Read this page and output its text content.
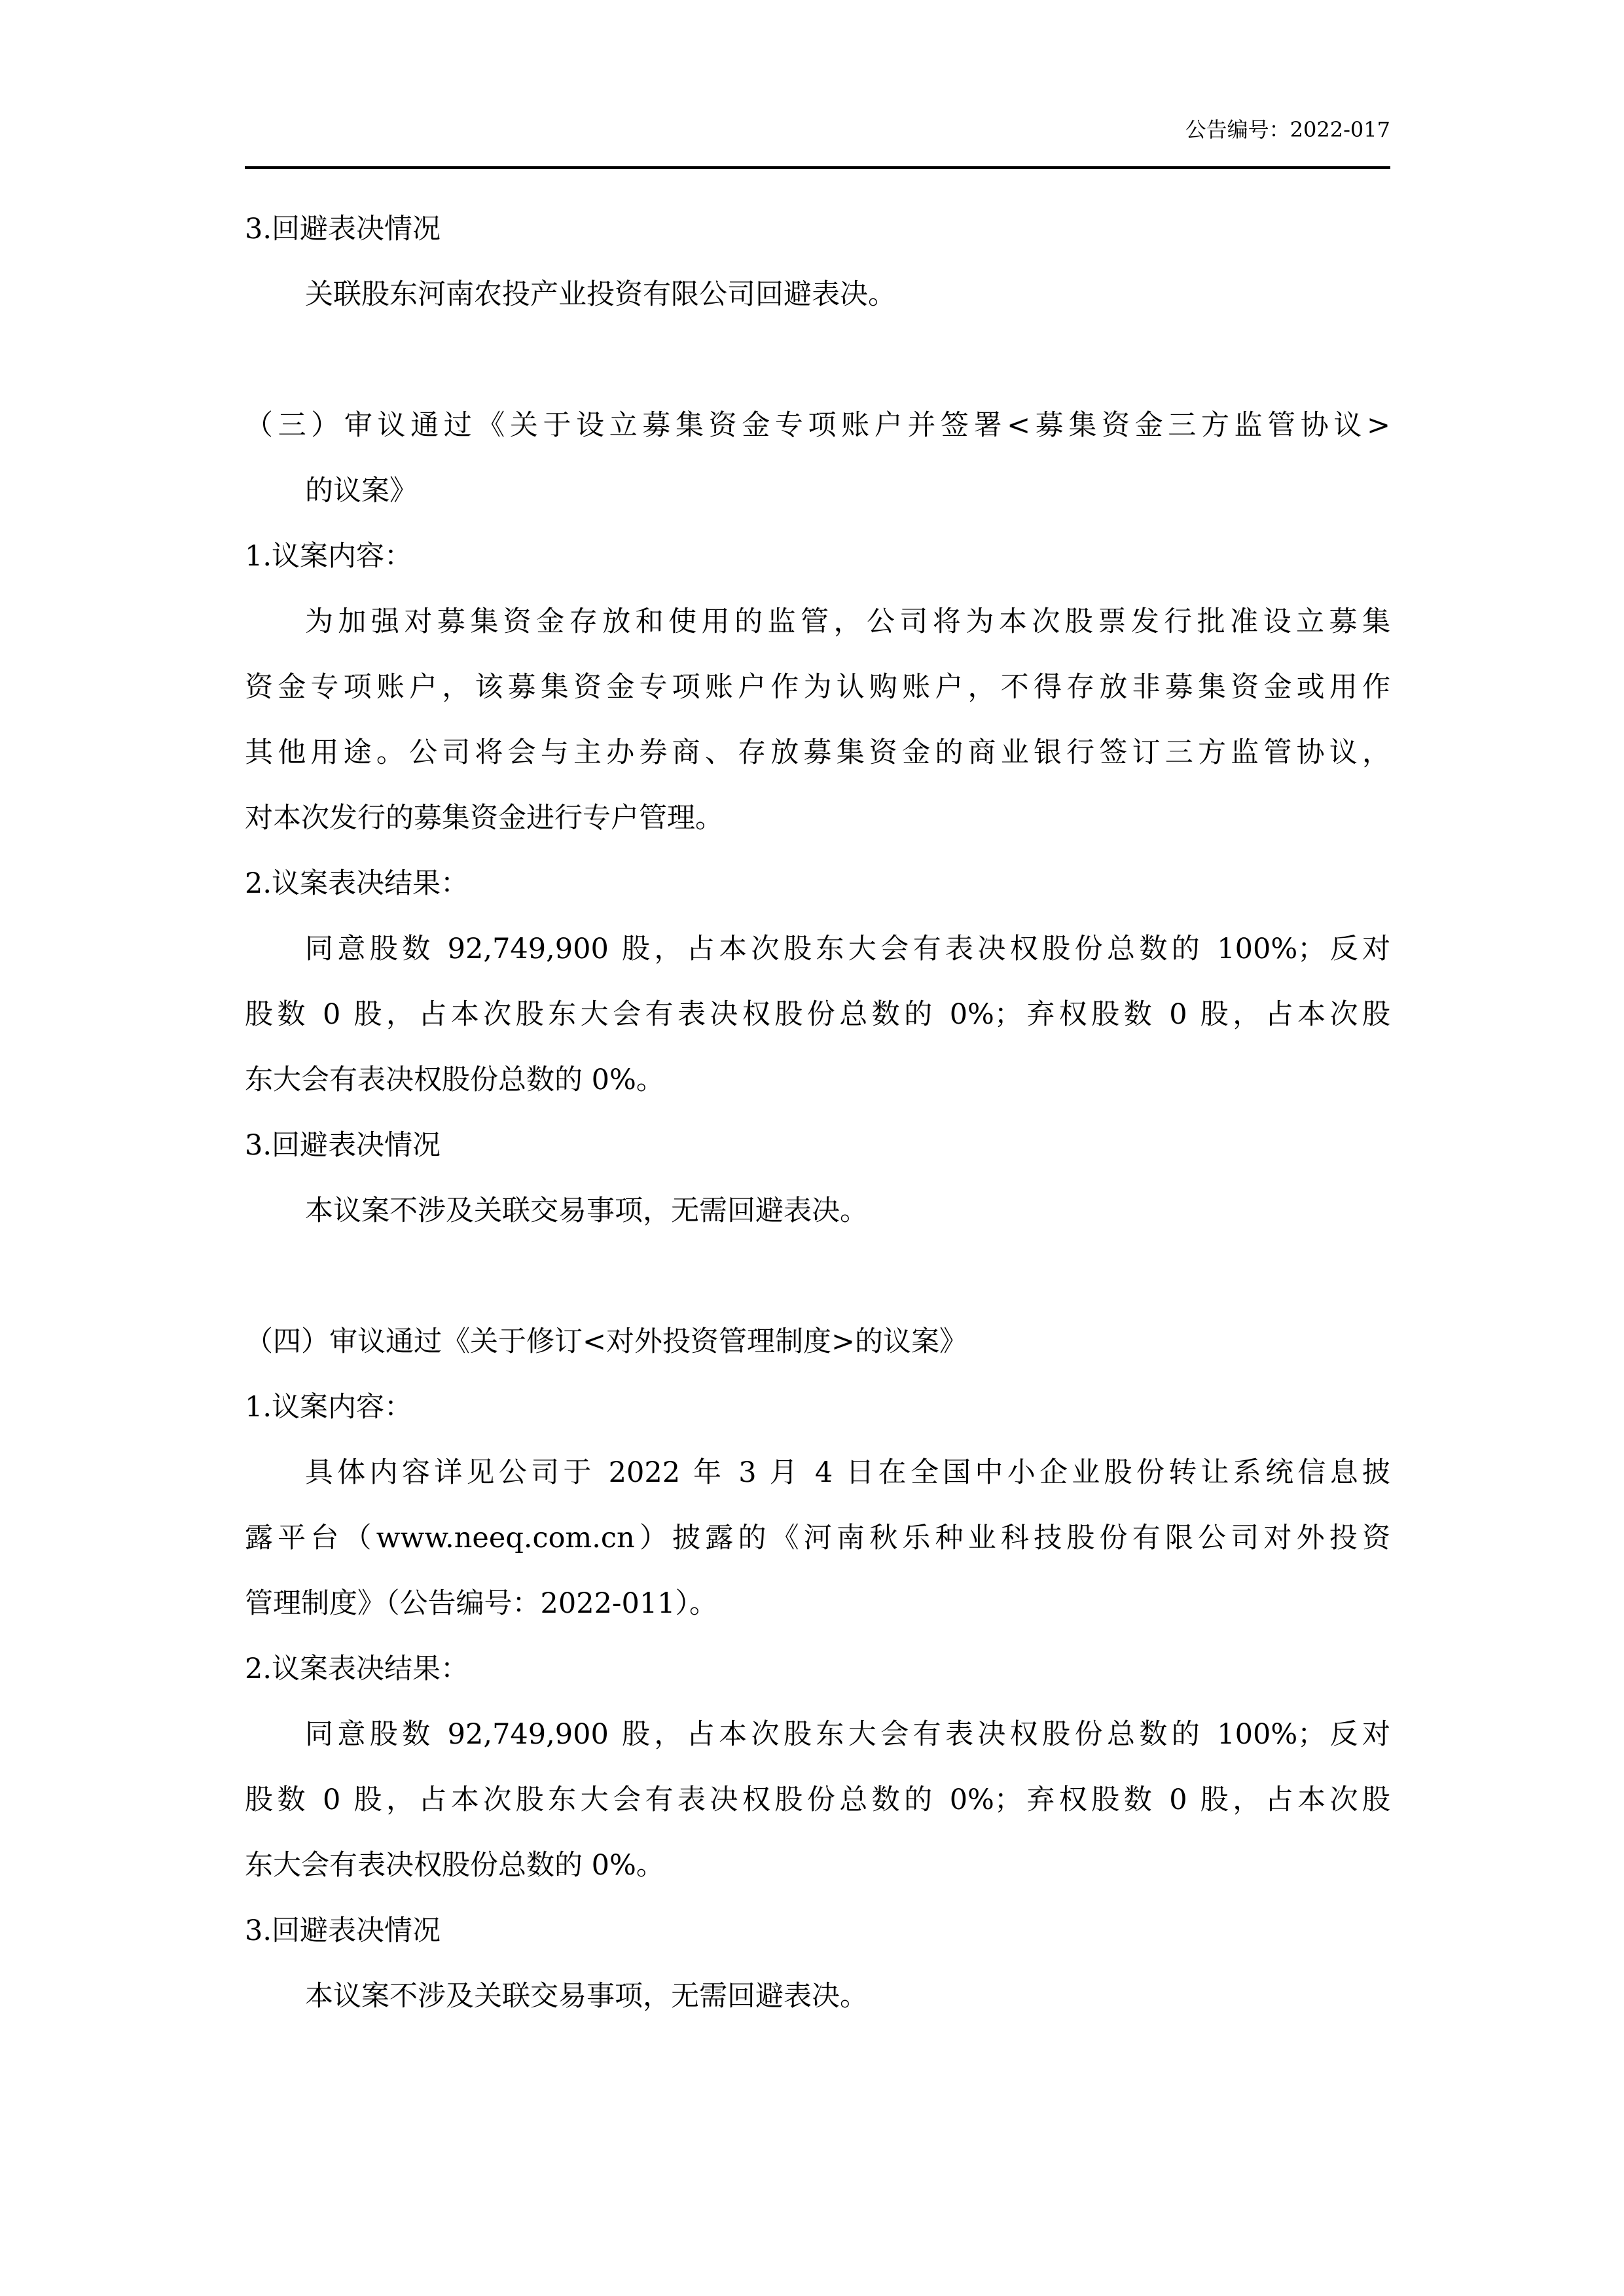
公告编号：2022-017
3.回避表决情况
关联股东河南农投产业投资有限公司回避表决。
（三）审议通过《关于设立募集资金专项账户并签署<募集资金三方监管协议>
的议案》
1.议案内容：
为加强对募集资金存放和使用的监管，公司将为本次股票发行批准设立募集
资金专项账户，该募集资金专项账户作为认购账户，不得存放非募集资金或用作
其他用途。公司将会与主办券商、存放募集资金的商业银行签订三方监管协议，
对本次发行的募集资金进行专户管理。
2.议案表决结果：
同意股数 92,749,900 股，占本次股东大会有表决权股份总数的 100%；反对
股数 0 股，占本次股东大会有表决权股份总数的 0%；弃权股数 0 股，占本次股
东大会有表决权股份总数的 0%。
3.回避表决情况
本议案不涉及关联交易事项，无需回避表决。
（四）审议通过《关于修订<对外投资管理制度>的议案》
1.议案内容：
具体内容详见公司于 2022 年 3 月 4 日在全国中小企业股份转让系统信息披
露平台（www.neeq.com.cn）披露的《河南秋乐种业科技股份有限公司对外投资
管理制度》（公告编号：2022-011）。
2.议案表决结果：
同意股数 92,749,900 股，占本次股东大会有表决权股份总数的 100%；反对
股数 0 股，占本次股东大会有表决权股份总数的 0%；弃权股数 0 股，占本次股
东大会有表决权股份总数的 0%。
3.回避表决情况
本议案不涉及关联交易事项，无需回避表决。
